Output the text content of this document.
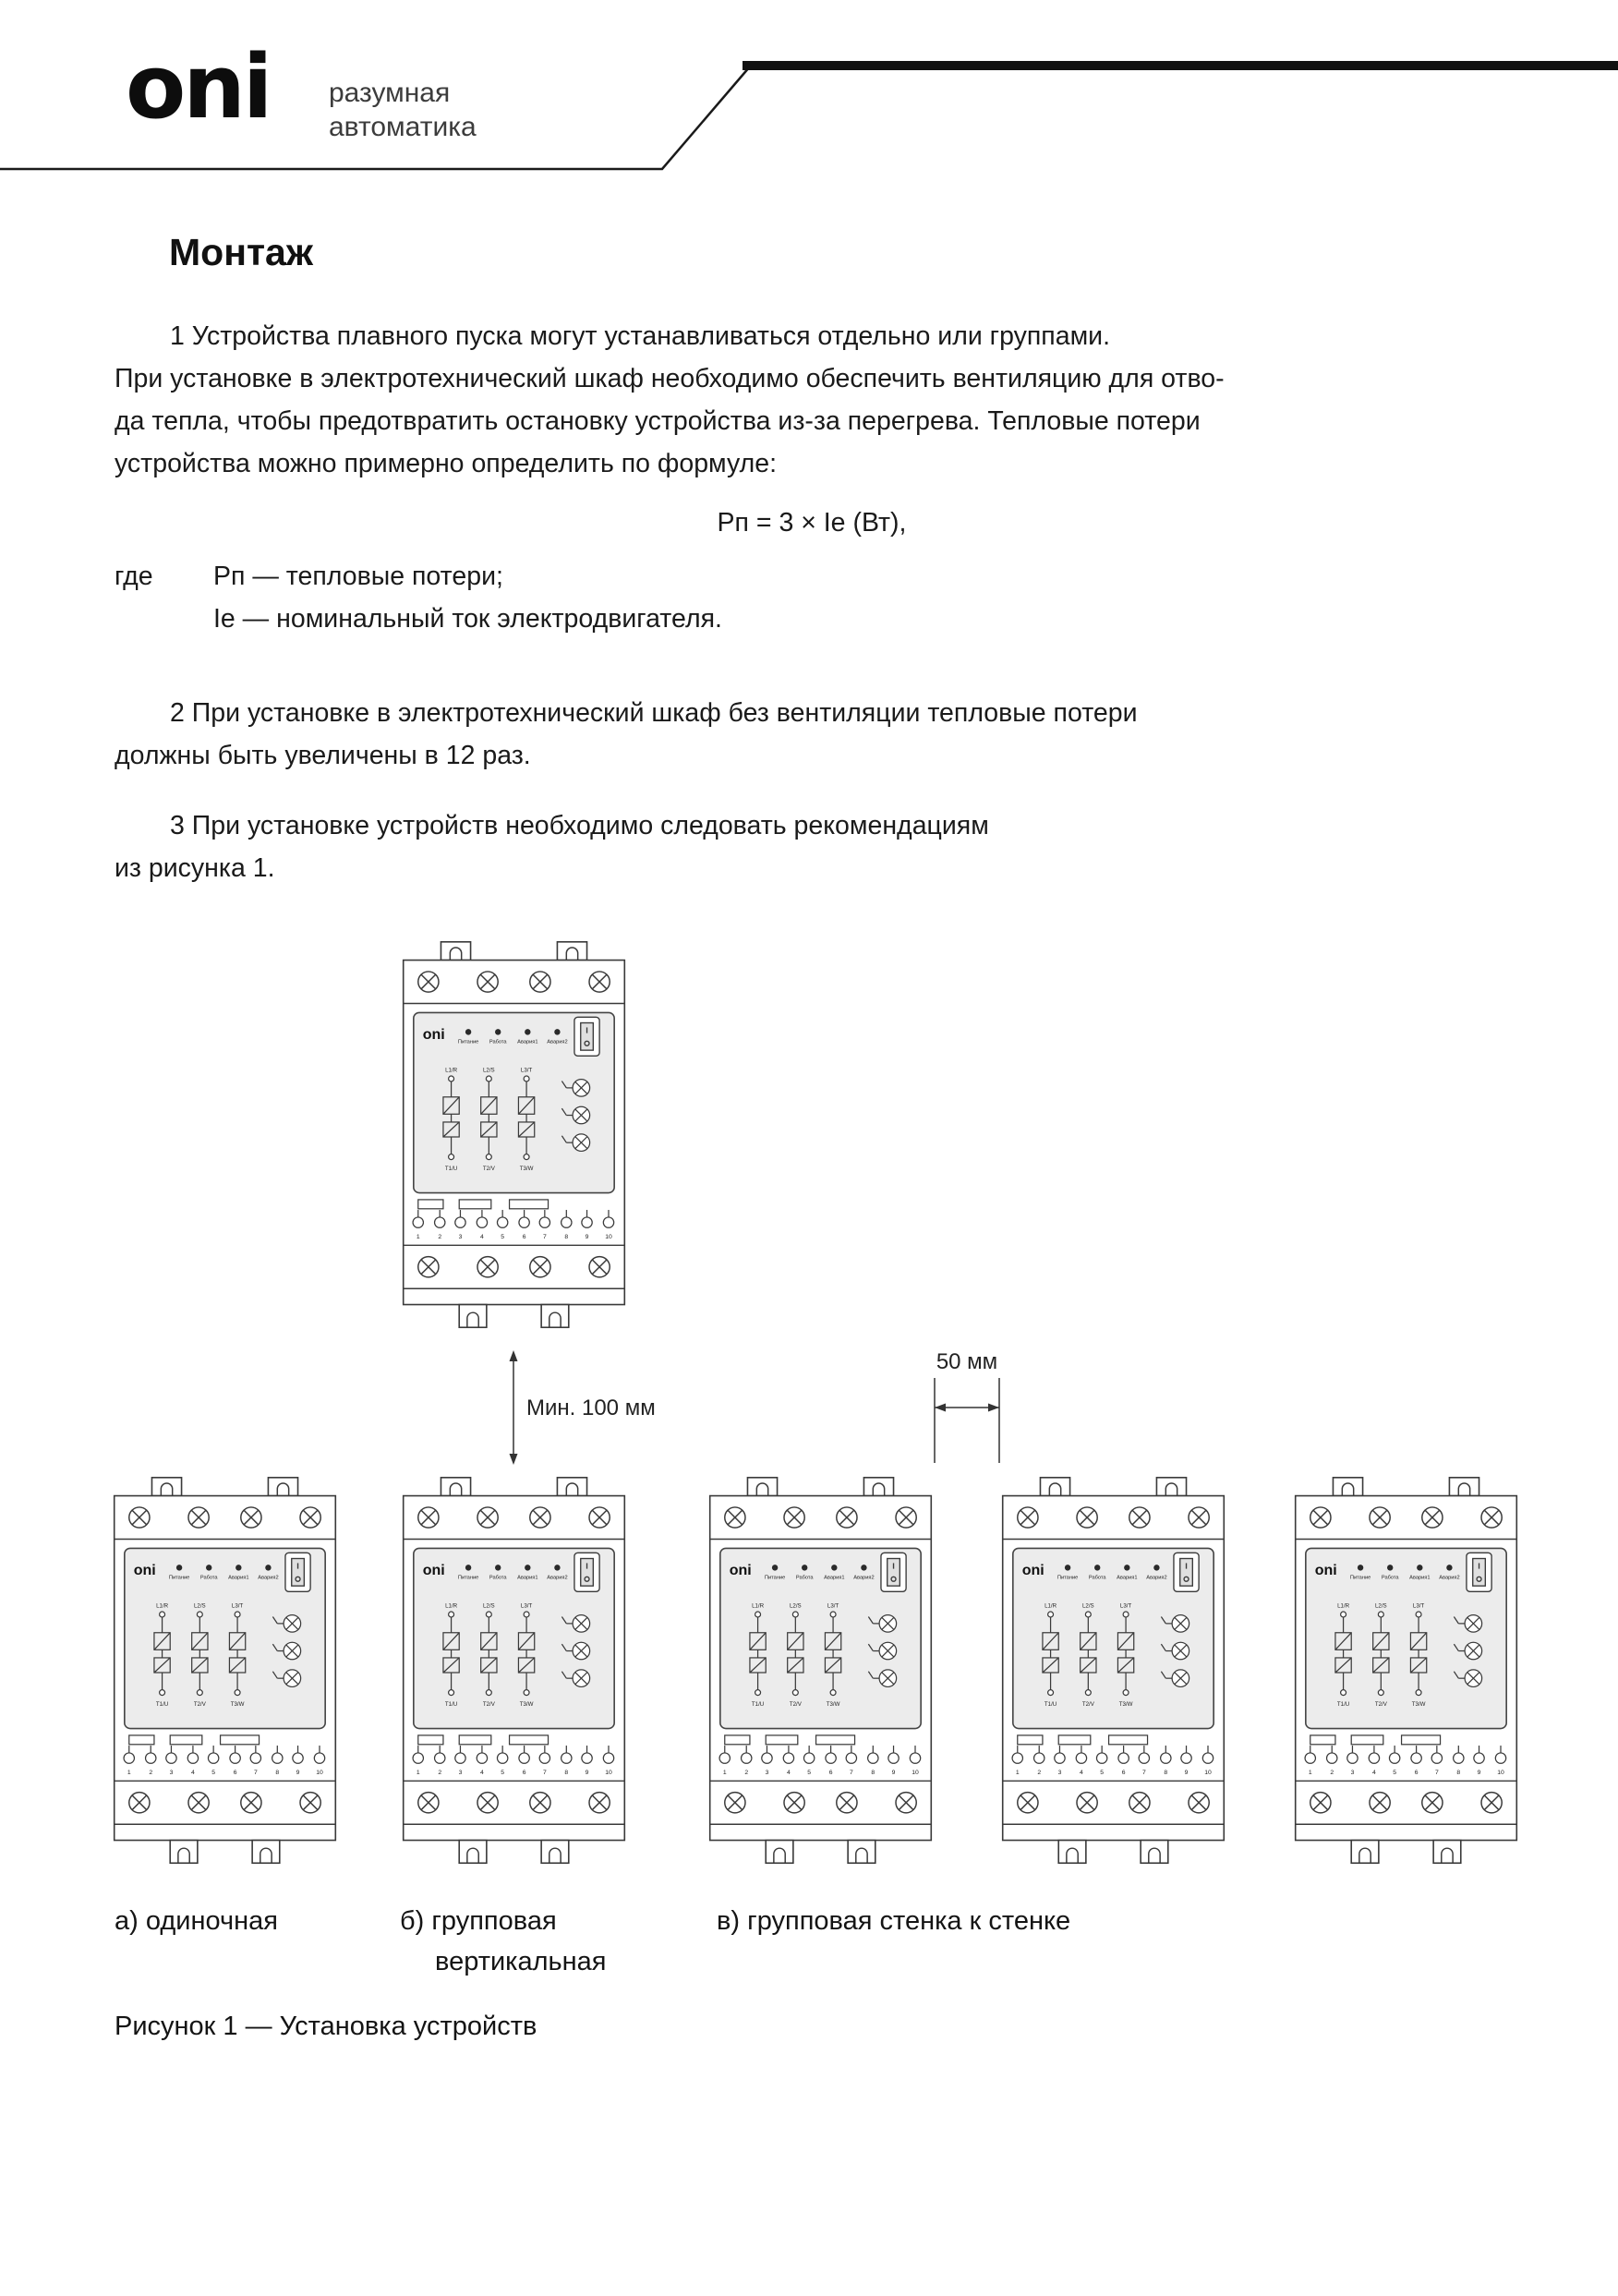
oni разумная
автоматика
Монтаж
1 Устройства плавного пуска могут устанавливаться отдельно или группами.
При установке в электротехнический шкаф необходимо обеспечить вентиляцию для отво-
да тепла, чтобы предотвратить остановку устройства из-за перегрева. Тепловые потери
устройства можно примерно определить по формуле:
Рп = 3 × Ie (Вт),
где	Рп — тепловые потери;
Ie — номинальный ток электродвигателя.
2 При установке в электротехнический шкаф без вентиляции тепловые потери
должны быть увеличены в 12 раз.
3 При установке устройств необходимо следовать рекомендациям
из рисунка 1.
oni	Питание	Работа	Авария1 Авария2
L1/R	L2/S	L3/T
T1/U	T2/V	T3/W
1	2	3	4	5	6	7	8	9	10
oni	Питание	Работа	Авария1 Авария2
L1/R	L2/S	L3/T
T1/U	T2/V	T3/W
1	2	3	4	5	6	7	8	9	10
oni	Питание	Работа	Авария1 Авария2
L1/R	L2/S	L3/T
T1/U	T2/V	T3/W
1	2	3	4	5	6	7	8	9	10
oni	Питание	Работа	Авария1 Авария2
L1/R	L2/S	L3/T
T1/U	T2/V	T3/W
1	2	3	4	5	6	7	8	9	10
oni	Питание	Работа	Авария1 Авария2
L1/R	L2/S	L3/T
T1/U	T2/V	T3/W
1	2	3	4	5	6	7	8	9	10
oni	Питание	Работа	Авария1 Авария2
L1/R	L2/S	L3/T
T1/U	T2/V	T3/W
1	2	3	4	5	6	7	8	9	10
Мин. 100 мм
50 мм
а) одиночная	б) групповая
вертикальная
в) групповая стенка к стенке
Рисунок 1 — Установка устройств
